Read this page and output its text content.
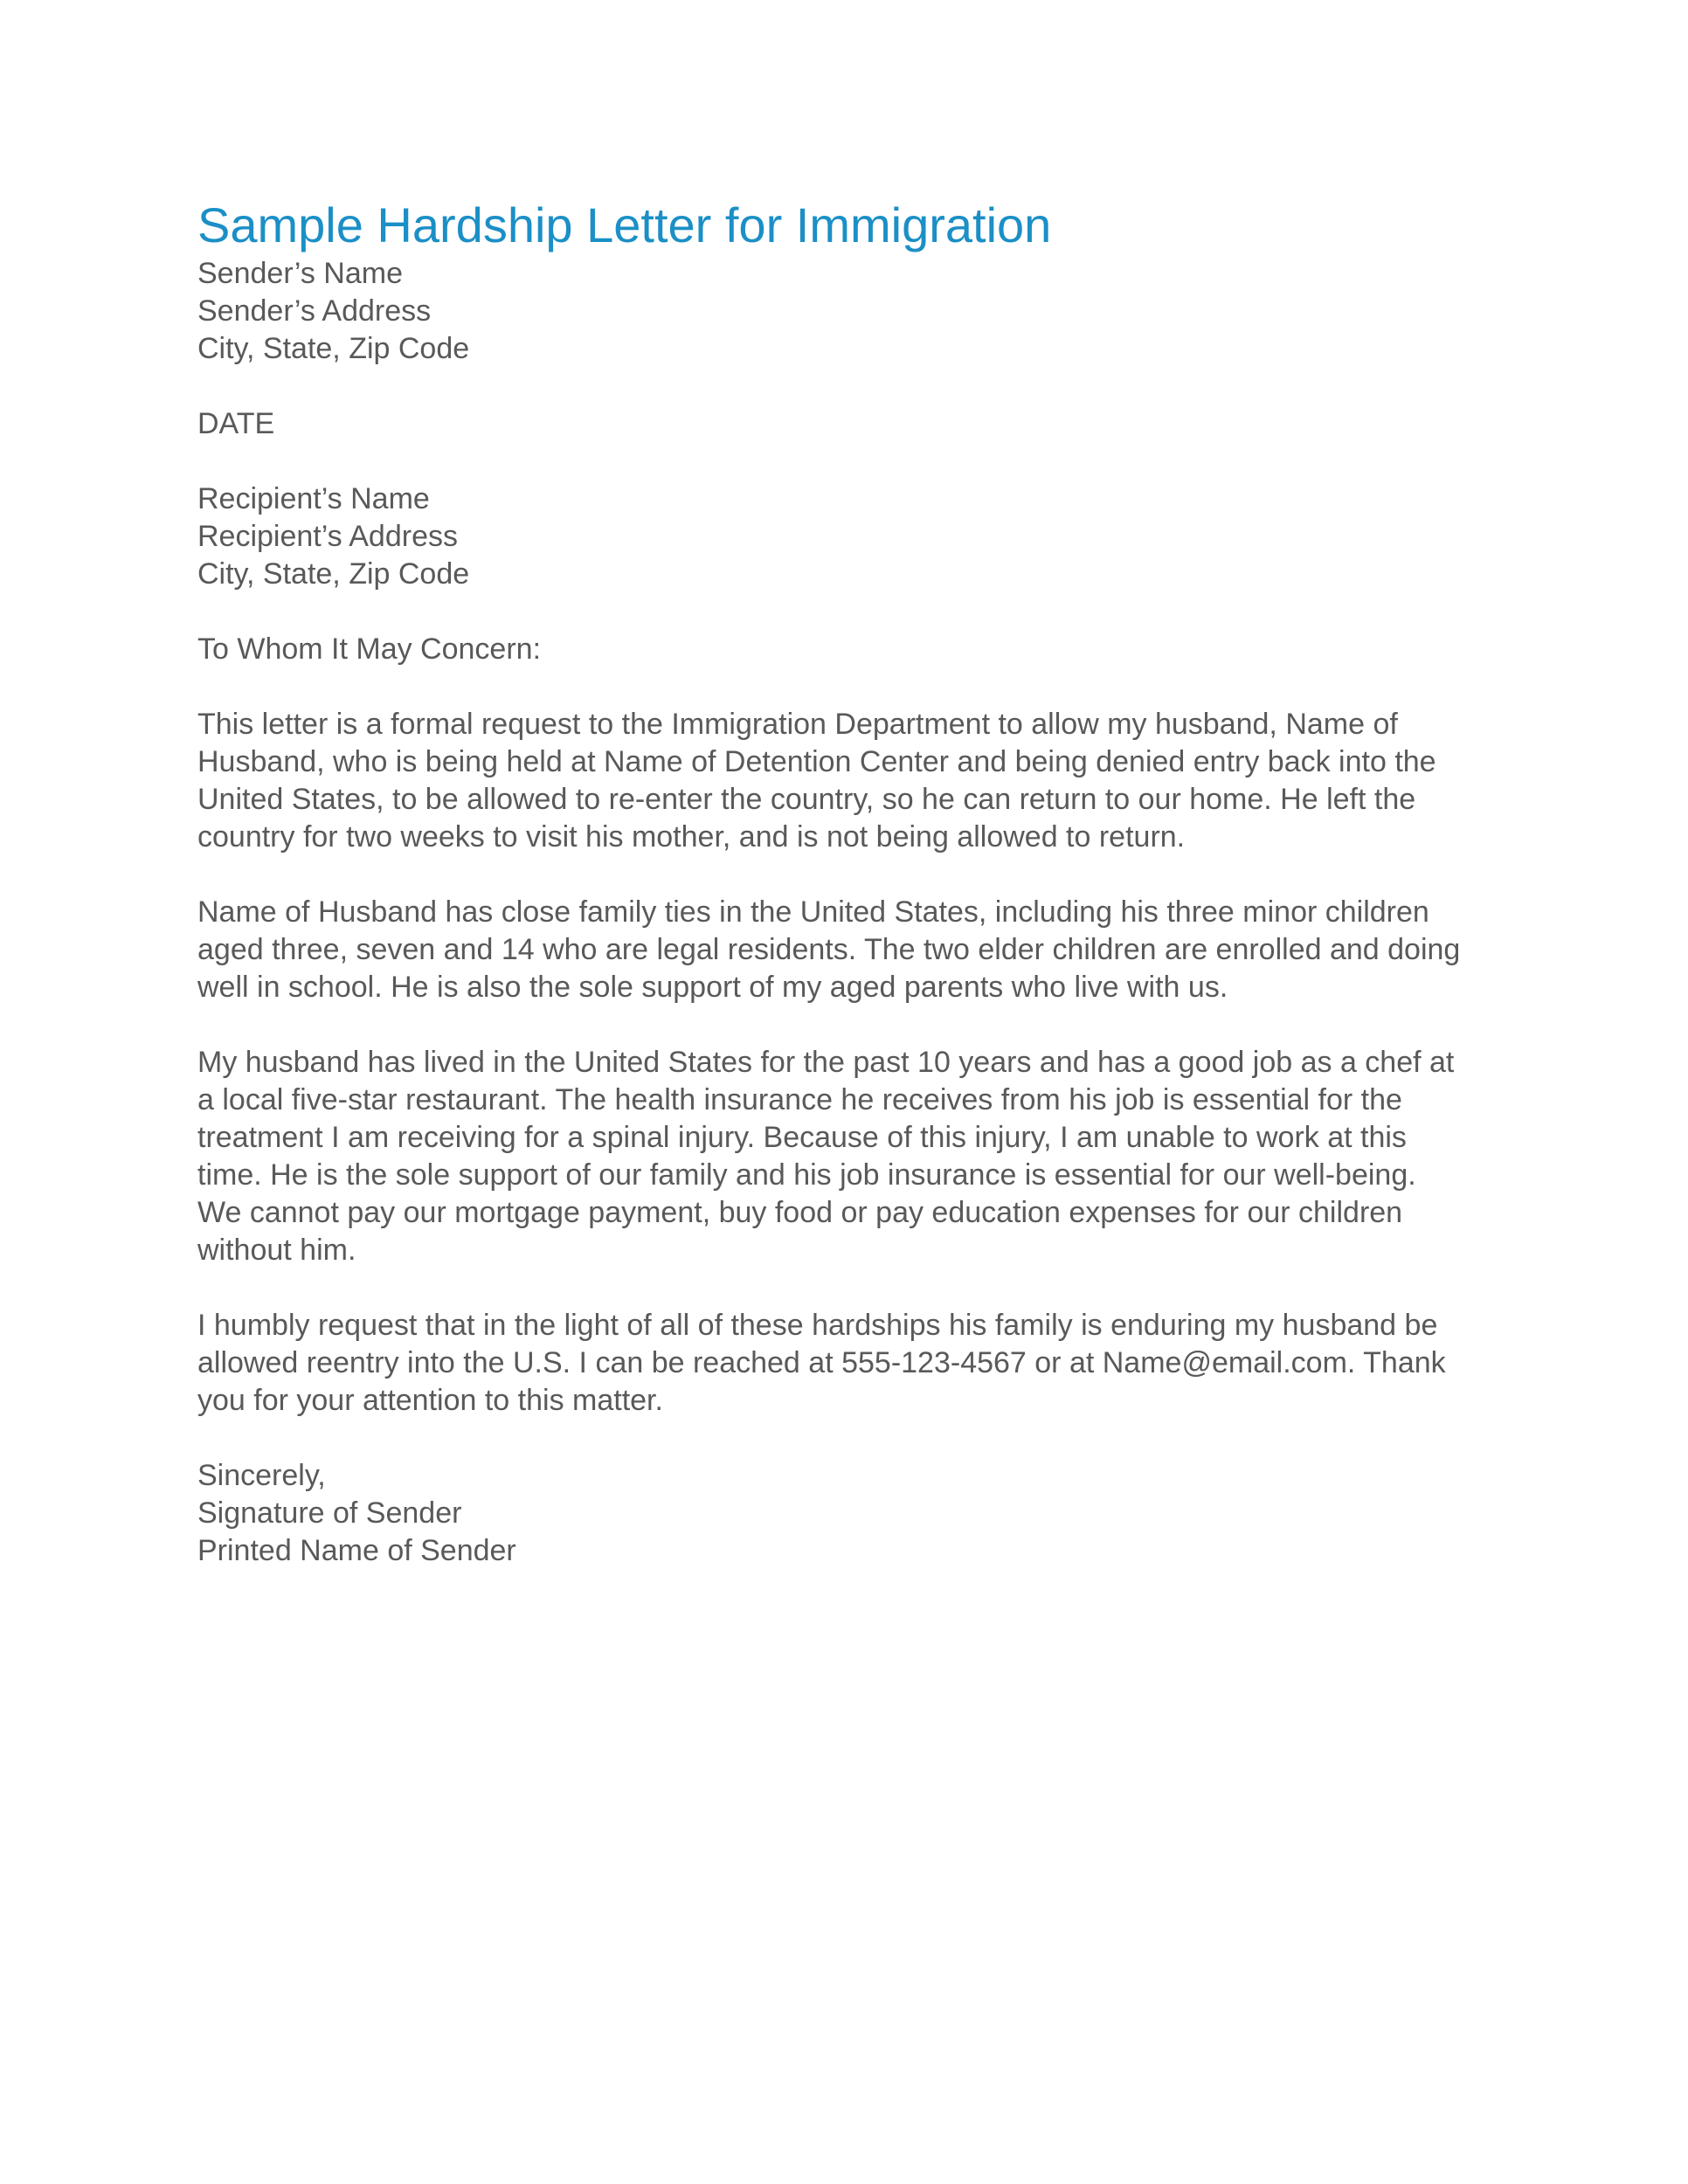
Sample Hardship Letter for Immigration
Sender’s Name
Sender’s Address
City, State, Zip Code
DATE
Recipient’s Name
Recipient’s Address
City, State, Zip Code
To Whom It May Concern:
This letter is a formal request to the Immigration Department to allow my husband, Name of
Husband, who is being held at Name of Detention Center and being denied entry back into the
United States, to be allowed to re-enter the country, so he can return to our home. He left the
country for two weeks to visit his mother, and is not being allowed to return.
Name of Husband has close family ties in the United States, including his three minor children
aged three, seven and 14 who are legal residents. The two elder children are enrolled and doing
well in school. He is also the sole support of my aged parents who live with us.
My husband has lived in the United States for the past 10 years and has a good job as a chef at
a local five-star restaurant. The health insurance he receives from his job is essential for the
treatment I am receiving for a spinal injury. Because of this injury, I am unable to work at this
time. He is the sole support of our family and his job insurance is essential for our well-being.
We cannot pay our mortgage payment, buy food or pay education expenses for our children
without him.
I humbly request that in the light of all of these hardships his family is enduring my husband be
allowed reentry into the U.S. I can be reached at 555-123-4567 or at Name@email.com. Thank
you for your attention to this matter.
Sincerely,
Signature of Sender
Printed Name of Sender
